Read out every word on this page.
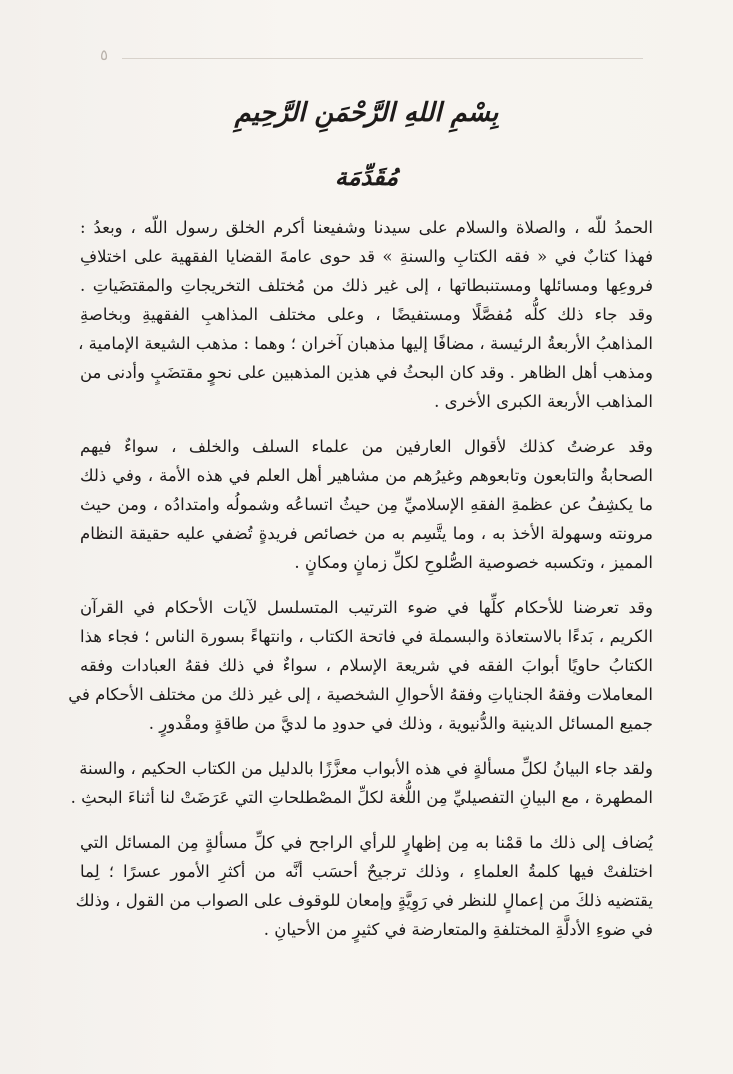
٥
بِسْمِ اللهِ الرَّحْمَنِ الرَّحِيمِ
مُقَدِّمَة
الحمدُ للّه ، والصلاة والسلام على سيدنا وشفيعنا أكرم الخلق رسول اللّه ، وبعدُ :
فهذا كتابٌ في « فقه الكتابِ والسنةِ » قد حوى عامةَ القضايا الفقهية على اختلافِ
فروعِها ومسائلها ومستنبطاتها ، إلى غير ذلك من مُختلف التخريجاتِ والمقتضَياتِ .
وقد جاء ذلك كلُّه مُفصَّلًا ومستفيضًا ، وعلى مختلف المذاهبِ الفقهيةِ وبخاصةِ
المذاهبُ الأربعةُ الرئيسة ، مضافًا إليها مذهبان آخران ؛ وهما : مذهب الشيعة الإمامية ،
ومذهب أهل الظاهر . وقد كان البحثُ في هذين المذهبين على نحوٍ مقتضَبٍ وأدنى من
المذاهب الأربعة الكبرى الأخرى .
وقد عرضتُ كذلك لأقوال العارفين من علماء السلف والخلف ، سواءٌ فيهم
الصحابةُ والتابعون وتابعوهم وغيرُهم من مشاهير أهل العلم في هذه الأمة ، وفي ذلك
ما يكشِفُ عن عظمةِ الفقهِ الإسلاميِّ مِن حيثُ اتساعُه وشمولُه وامتدادُه ، ومن حيث
مرونته وسهولة الأخذ به ، وما يتَّسِم به من خصائص فريدةٍ تُضفي عليه حقيقة النظام
المميز ، وتكسبه خصوصية الصُّلوحِ لكلِّ زمانٍ ومكانٍ .
وقد تعرضنا للأحكام كلِّها في ضوء الترتيب المتسلسل لآيات الأحكام في القرآن
الكريم ، بَدءًا بالاستعاذة والبسملة في فاتحة الكتاب ، وانتهاءً بسورة الناس ؛ فجاء هذا
الكتابُ حاويًا أبوابَ الفقه في شريعة الإسلام ، سواءٌ في ذلك فقهُ العبادات وفقه
المعاملات وفقهُ الجناياتِ وفقهُ الأحوالِ الشخصية ، إلى غير ذلك من مختلف الأحكام في
جميع المسائل الدينية والدُّنيوية ، وذلك في حدودِ ما لديَّ من طاقةٍ ومقْدورٍ .
ولقد جاء البيانُ لكلِّ مسألةٍ في هذه الأبواب معزَّزًا بالدليل من الكتاب الحكيم ، والسنة
المطهرة ، مع البيانِ التفصيليِّ مِن اللُّغة لكلِّ المصْطلحاتِ التي عَرَضَتْ لنا أثناءَ البحثِ .
يُضاف إلى ذلك ما قمْنا به مِن إظهارٍ للرأي الراجح في كلِّ مسألةٍ مِن المسائل التي
اختلفتْ فيها كلمةُ العلماءِ ، وذلك ترجيحٌ أحسَب أنَّه من أكثرِ الأمور عسرًا ؛ لِما
يقتضيه ذلكَ من إعمالٍ للنظر في رَوِيَّةٍ وإمعان للوقوف على الصواب من القول ، وذلك
في ضوءِ الأدلَّةِ المختلفةِ والمتعارضة في كثيرٍ من الأحيانِ .
